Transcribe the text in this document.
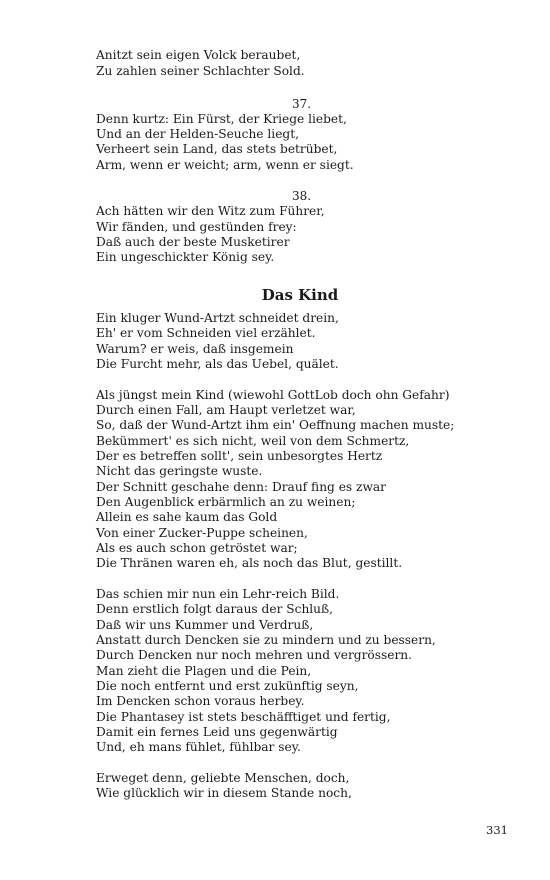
Anitzt sein eigen Volck beraubet,
Zu zahlen seiner Schlachter Sold.
37.
Denn kurtz: Ein Fürst, der Kriege liebet,
Und an der Helden-Seuche liegt,
Verheert sein Land, das stets betrübet,
Arm, wenn er weicht; arm, wenn er siegt.
38.
Ach hätten wir den Witz zum Führer,
Wir fänden, und gestünden frey:
Daß auch der beste Musketirer
Ein ungeschickter König sey.
Das Kind
Ein kluger Wund-Artzt schneidet drein,
Eh' er vom Schneiden viel erzählet.
Warum? er weis, daß insgemein
Die Furcht mehr, als das Uebel, quälet.
Als jüngst mein Kind (wiewohl GottLob doch ohn Gefahr)
Durch einen Fall, am Haupt verletzet war,
So, daß der Wund-Artzt ihm ein' Oeffnung machen muste;
Bekümmert' es sich nicht, weil von dem Schmertz,
Der es betreffen sollt', sein unbesorgtes Hertz
Nicht das geringste wuste.
Der Schnitt geschahe denn: Drauf fing es zwar
Den Augenblick erbärmlich an zu weinen;
Allein es sahe kaum das Gold
Von einer Zucker-Puppe scheinen,
Als es auch schon getröstet war;
Die Thränen waren eh, als noch das Blut, gestillt.
Das schien mir nun ein Lehr-reich Bild.
Denn erstlich folgt daraus der Schluß,
Daß wir uns Kummer und Verdruß,
Anstatt durch Dencken sie zu mindern und zu bessern,
Durch Dencken nur noch mehren und vergrössern.
Man zieht die Plagen und die Pein,
Die noch entfernt und erst zukünftig seyn,
Im Dencken schon voraus herbey.
Die Phantasey ist stets beschäfftiget und fertig,
Damit ein fernes Leid uns gegenwärtig
Und, eh mans fühlet, fühlbar sey.
Erweget denn, geliebte Menschen, doch,
Wie glücklich wir in diesem Stande noch,
331
